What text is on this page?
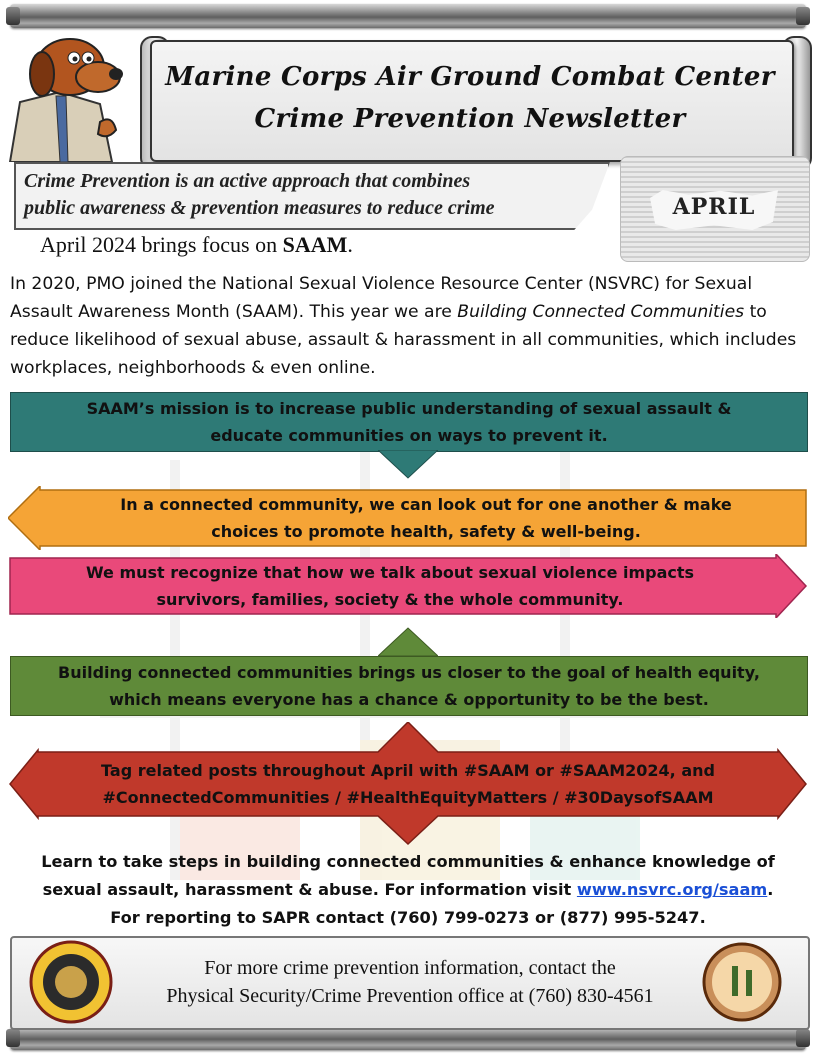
Marine Corps Air Ground Combat Center
Crime Prevention Newsletter
Crime Prevention is an active approach that combines
public awareness & prevention measures to reduce crime	APRIL
April 2024 brings focus on SAAM.
In 2020, PMO joined the National Sexual Violence Resource Center (NSVRC) for Sexual Assault Awareness Month (SAAM). This year we are Building Connected Communities to reduce likelihood of sexual abuse, assault & harassment in all communities, which includes workplaces, neighborhoods & even online.
SAAM’s mission is to increase public understanding of sexual assault &
educate communities on ways to prevent it.
In a connected community, we can look out for one another & make
choices to promote health, safety & well-being.
We must recognize that how we talk about sexual violence impacts
survivors, families, society & the whole community.
Building connected communities brings us closer to the goal of health equity,
which means everyone has a chance & opportunity to be the best.
Tag related posts throughout April with #SAAM or #SAAM2024, and
#ConnectedCommunities / #HealthEquityMatters / #30DaysofSAAM
Learn to take steps in building connected communities & enhance knowledge of
sexual assault, harassment & abuse. For information visit www.nsvrc.org/saam.
For reporting to SAPR contact (760) 799-0273 or (877) 995-5247.
For more crime prevention information, contact the
Physical Security/Crime Prevention office at (760) 830-4561
